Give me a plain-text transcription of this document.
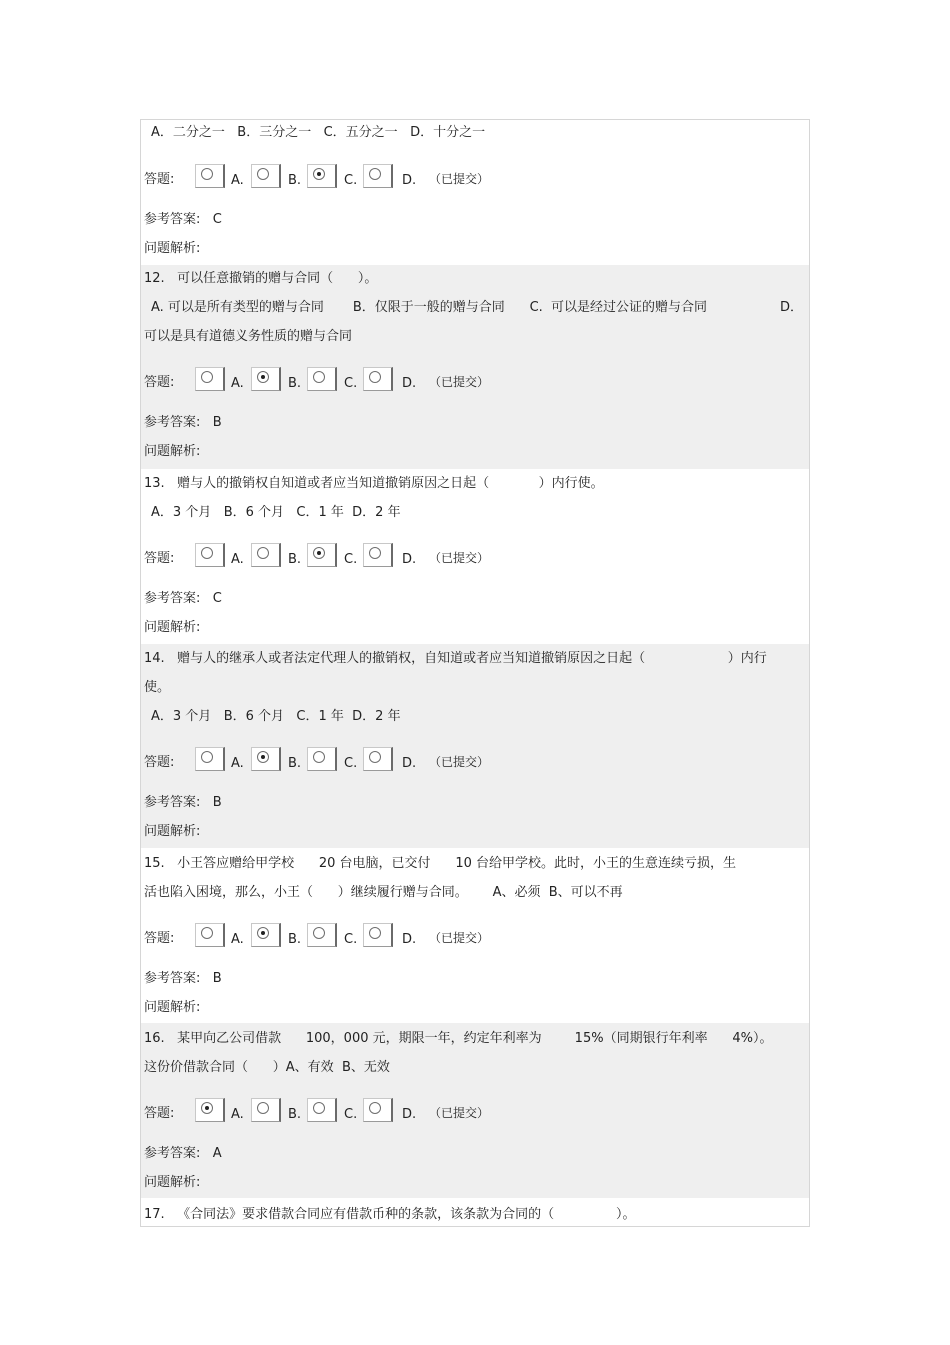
A．二分之一   B．三分之一   C．五分之一   D．十分之一
答题:	A.	B.	C.	D. （已提交）
参考答案: C
问题解析:
12.   可以任意撤销的赠与合同（      ）。
A. 可以是所有类型的赠与合同       B．仅限于一般的赠与合同      C.  可以是经过公证的赠与合同	D．
可以是具有道德义务性质的赠与合同
答题:	A.	B.	C.	D. （已提交）
参考答案: B
问题解析:
13.   赠与人的撤销权自知道或者应当知道撤销原因之日起（            ）内行使。
A．3 个月   B．6 个月   C．1 年  D．2 年
答题:	A.	B.	C.	D. （已提交）
参考答案: C
问题解析:
14.   赠与人的继承人或者法定代理人的撤销权，自知道或者应当知道撤销原因之日起（                    ）内行
使。
A．3 个月   B．6 个月   C．1 年  D．2 年
答题:	A.	B.	C.	D. （已提交）
参考答案: B
问题解析:
15.   小王答应赠给甲学校      20 台电脑，已交付      10 台给甲学校。此时，小王的生意连续亏损，生
活也陷入困境，那么，小王（      ）继续履行赠与合同。      A、必须  B、可以不再
答题:	A.	B.	C.	D. （已提交）
参考答案: B
问题解析:
16.   某甲向乙公司借款      100，000 元，期限一年，约定年利率为        15%（同期银行年利率      4%）。
这份价借款合同（      ）A、有效  B、无效
答题:	A.	B.	C.	D. （已提交）
参考答案: A
问题解析:
17.   《合同法》要求借款合同应有借款币种的条款，该条款为合同的（               ）。
